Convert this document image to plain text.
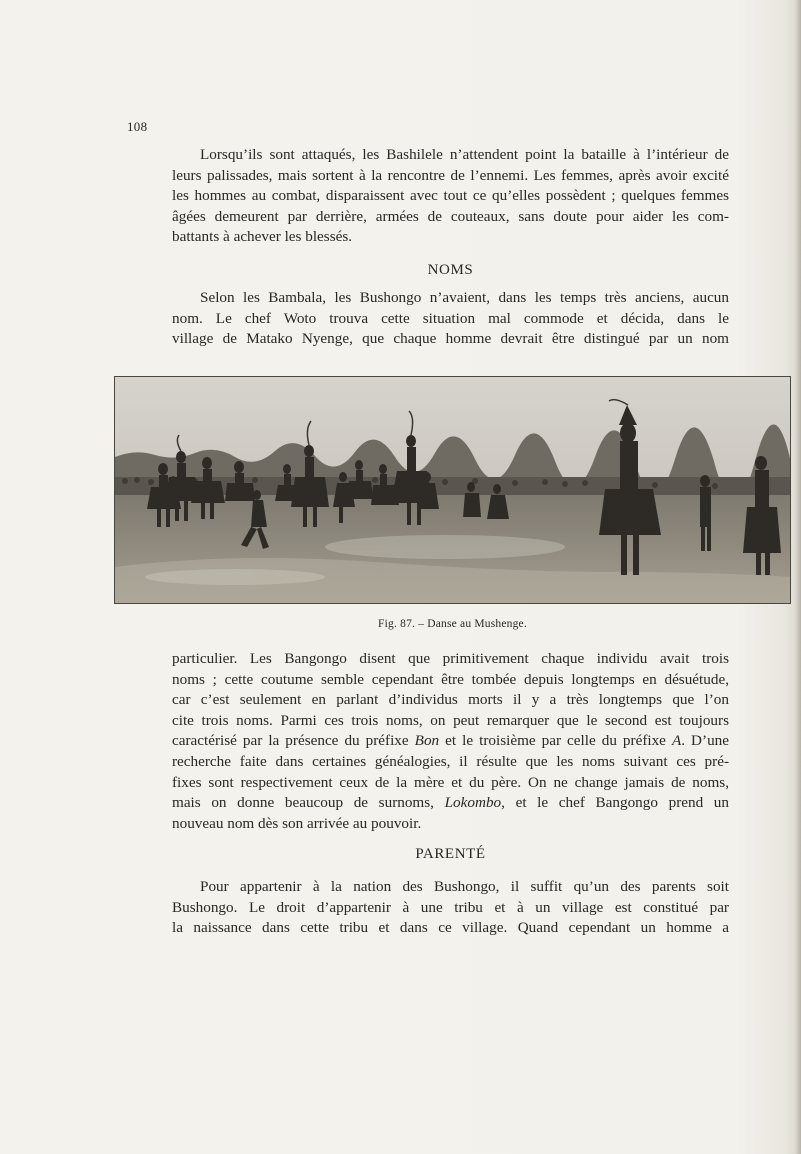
108
Lorsqu’ils sont attaqués, les Bashilele n’attendent point la bataille à l’intérieur de
leurs palissades, mais sortent à la rencontre de l’ennemi. Les femmes, après avoir excité
les hommes au combat, disparaissent avec tout ce qu’elles possèdent ; quelques femmes
âgées demeurent par derrière, armées de couteaux, sans doute pour aider les com-
battants à achever les blessés.
NOMS
Selon les Bambala, les Bushongo n’avaient, dans les temps très anciens, aucun
nom. Le chef Woto trouva cette situation mal commode et décida, dans le
village de Matako Nyenge, que chaque homme devrait être distingué par un nom
Fig. 87. – Danse au Mushenge.
particulier. Les Bangongo disent que primitivement chaque individu avait trois
noms ; cette coutume semble cependant être tombée depuis longtemps en désuétude,
car c’est seulement en parlant d’individus morts il y a très longtemps que l’on
cite trois noms. Parmi ces trois noms, on peut remarquer que le second est toujours
caractérisé par la présence du préfixe Bon et le troisième par celle du préfixe A. D’une
recherche faite dans certaines généalogies, il résulte que les noms suivant ces pré-
fixes sont respectivement ceux de la mère et du père. On ne change jamais de noms,
mais on donne beaucoup de surnoms, Lokombo, et le chef Bangongo prend un
nouveau nom dès son arrivée au pouvoir.
PARENTÉ
Pour appartenir à la nation des Bushongo, il suffit qu’un des parents soit
Bushongo. Le droit d’appartenir à une tribu et à un village est constitué par
la naissance dans cette tribu et dans ce village. Quand cependant un homme a
